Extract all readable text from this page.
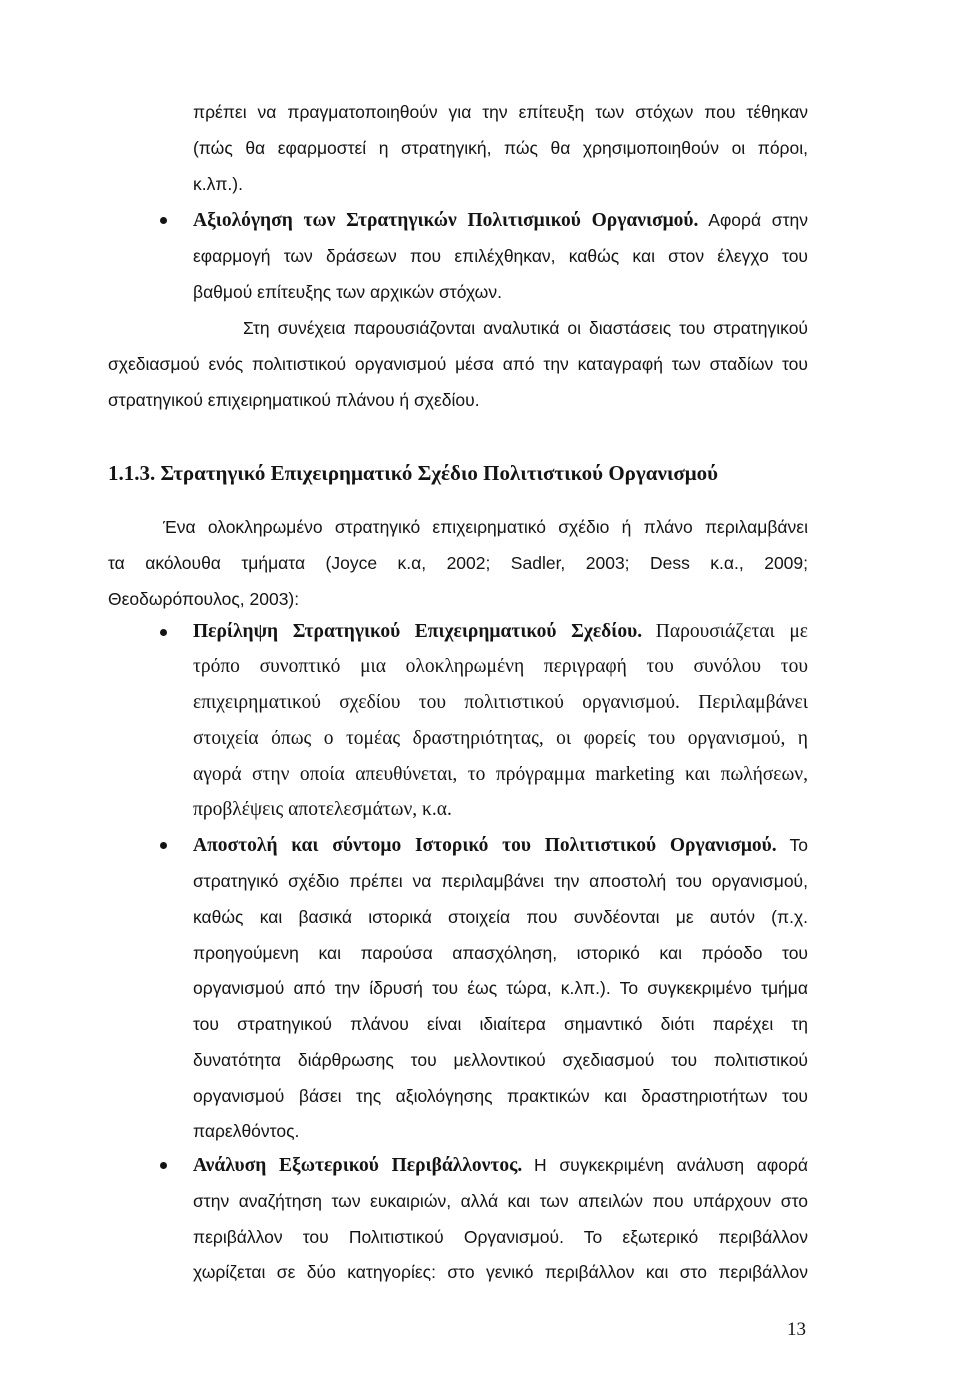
πρέπει να πραγματοποιηθούν για την επίτευξη των στόχων που τέθηκαν
(πώς θα εφαρμοστεί η στρατηγική, πώς θα χρησιμοποιηθούν οι πόροι,
κ.λπ.).
Αξιολόγηση των Στρατηγικών Πολιτισμικού Οργανισμού. Αφορά στην
εφαρμογή των δράσεων που επιλέχθηκαν, καθώς και στον έλεγχο του
βαθμού επίτευξης των αρχικών στόχων.
Στη συνέχεια παρουσιάζονται αναλυτικά οι διαστάσεις του στρατηγικού
σχεδιασμού ενός πολιτιστικού οργανισμού μέσα από την καταγραφή των σταδίων του
στρατηγικού επιχειρηματικού πλάνου ή σχεδίου.
1.1.3. Στρατηγικό Επιχειρηματικό Σχέδιο Πολιτιστικού Οργανισμού
Ένα ολοκληρωμένο στρατηγικό επιχειρηματικό σχέδιο ή πλάνο περιλαμβάνει
τα ακόλουθα τμήματα (Joyce κ.α, 2002; Sadler, 2003; Dess κ.α., 2009;
Θεοδωρόπουλος, 2003):
Περίληψη Στρατηγικού Επιχειρηματικού Σχεδίου. Παρουσιάζεται με
τρόπο συνοπτικό μια ολοκληρωμένη περιγραφή του συνόλου του
επιχειρηματικού σχεδίου του πολιτιστικού οργανισμού. Περιλαμβάνει
στοιχεία όπως ο τομέας δραστηριότητας, οι φορείς του οργανισμού, η
αγορά στην οποία απευθύνεται, το πρόγραμμα marketing και πωλήσεων,
προβλέψεις αποτελεσμάτων, κ.α.
Αποστολή και σύντομο Ιστορικό του Πολιτιστικού Οργανισμού. Το
στρατηγικό σχέδιο πρέπει να περιλαμβάνει την αποστολή του οργανισμού,
καθώς και βασικά ιστορικά στοιχεία που συνδέονται με αυτόν (π.χ.
προηγούμενη και παρούσα απασχόληση, ιστορικό και πρόοδο του
οργανισμού από την ίδρυσή του έως τώρα, κ.λπ.). Το συγκεκριμένο τμήμα
του στρατηγικού πλάνου είναι ιδιαίτερα σημαντικό διότι παρέχει τη
δυνατότητα διάρθρωσης του μελλοντικού σχεδιασμού του πολιτιστικού
οργανισμού βάσει της αξιολόγησης πρακτικών και δραστηριοτήτων του
παρελθόντος.
Ανάλυση Εξωτερικού Περιβάλλοντος. Η συγκεκριμένη ανάλυση αφορά
στην αναζήτηση των ευκαιριών, αλλά και των απειλών που υπάρχουν στο
περιβάλλον του Πολιτιστικού Οργανισμού. Το εξωτερικό περιβάλλον
χωρίζεται σε δύο κατηγορίες: στο γενικό περιβάλλον και στο περιβάλλον
13
